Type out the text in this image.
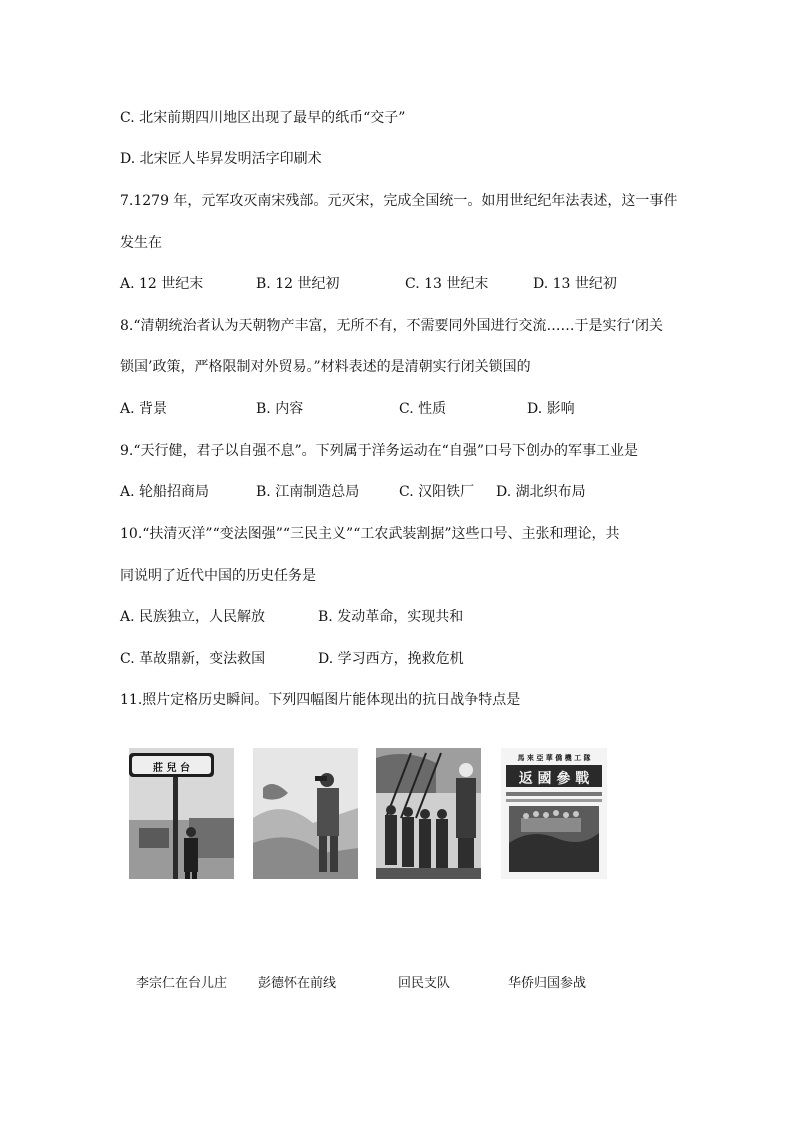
C. 北宋前期四川地区出现了最早的纸币“交子”
D. 北宋匠人毕昇发明活字印刷术
7.1279 年，元军攻灭南宋残部。元灭宋，完成全国统一。如用世纪纪年法表述，这一事件
发生在
A. 12 世纪末	B. 12 世纪初	C. 13 世纪末	D. 13 世纪初
8.“清朝统治者认为天朝物产丰富，无所不有，不需要同外国进行交流……于是实行‘闭关
锁国’政策，严格限制对外贸易。”材料表述的是清朝实行闭关锁国的
A. 背景	B. 内容	C. 性质	D. 影响
9.“天行健，君子以自强不息”。下列属于洋务运动在“自强”口号下创办的军事工业是
A. 轮船招商局	B. 江南制造总局	C. 汉阳铁厂 D. 湖北织布局
10.“扶清灭洋”“变法图强”“三民主义”“工农武装割据”这些口号、主张和理论，共
同说明了近代中国的历史任务是
A. 民族独立，人民解放	B. 发动革命，实现共和
C. 革故鼎新，变法救国	D. 学习西方，挽救危机
11.照片定格历史瞬间。下列四幅图片能体现出的抗日战争特点是
莊 兒 台
馬 來 亞 華 僑 機 工 隊
返 國 參 戰
李宗仁在台儿庄 彭德怀在前线	回民支队	华侨归国参战
